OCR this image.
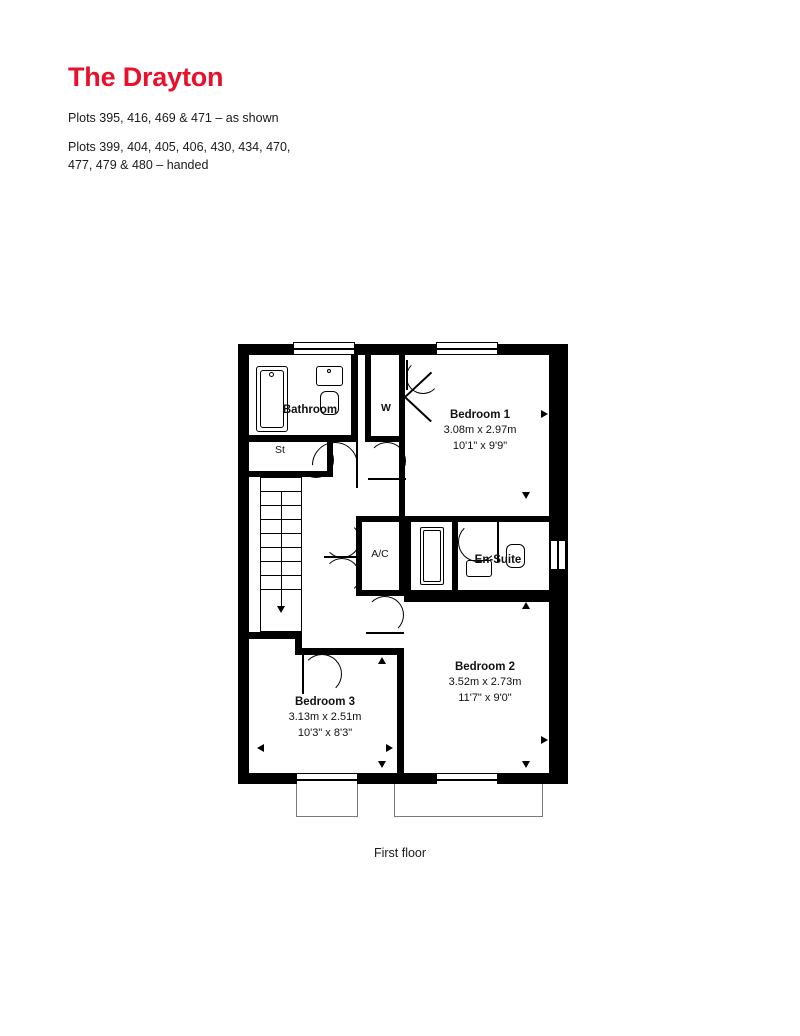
The Drayton

Plots 395, 416, 469 & 471 – as shown

Plots 399, 404, 405, 406, 430, 434, 470,

477, 479 & 480 – handed

Bathroom	W
St
A/C
Bedroom 1
3.08m x 2.97m
10'1" x 9'9"
En-Suite
Bedroom 2
3.52m x 2.73m
11'7" x 9'0"
Bedroom 3
3.13m x 2.51m
10'3" x 8'3"
First floor
